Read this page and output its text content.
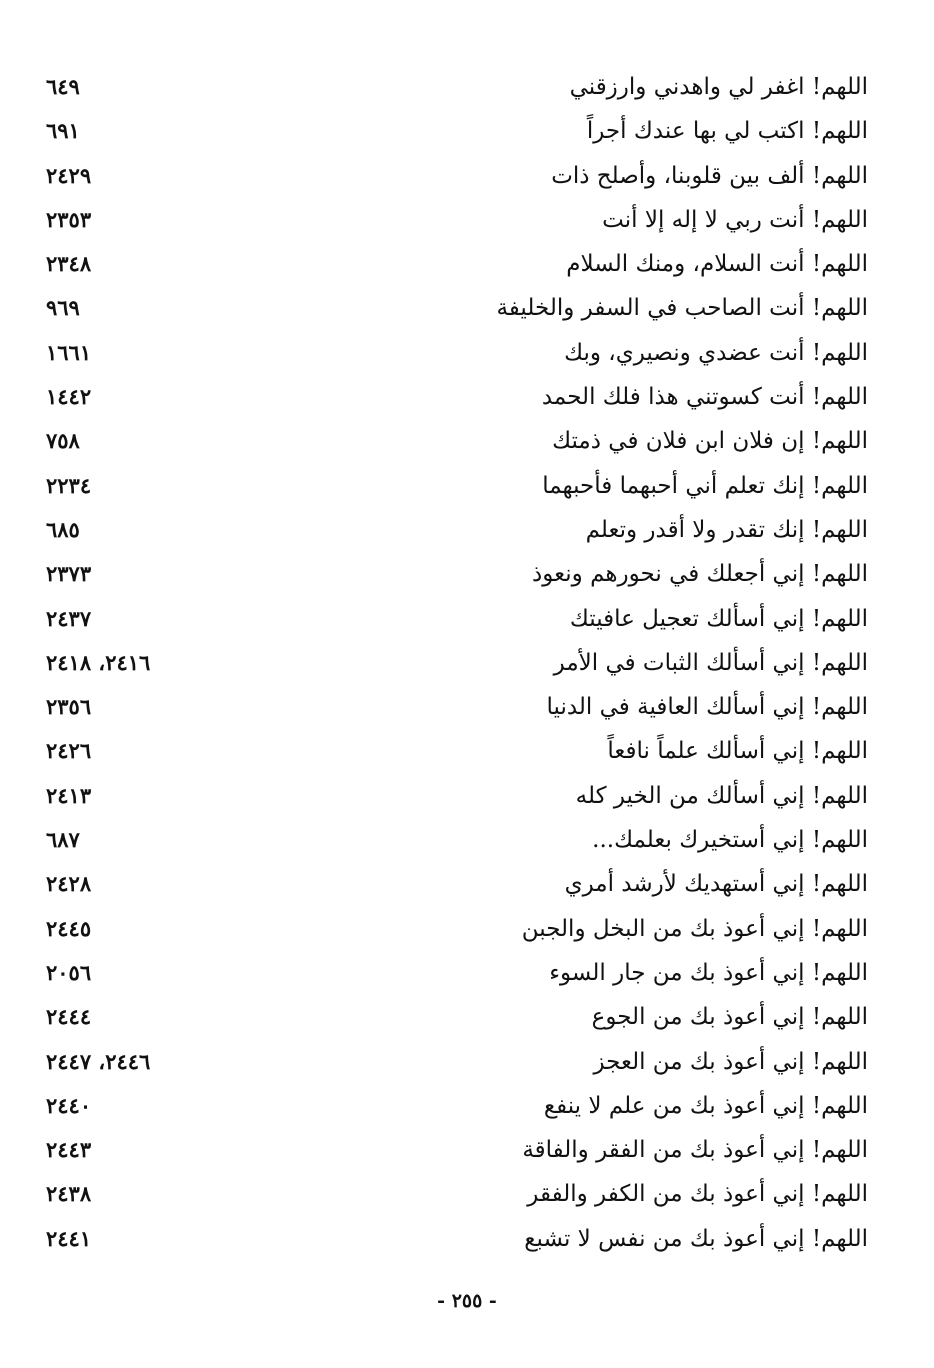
اللهم! اغفر لي واهدني وارزقني
٦٤٩
اللهم! اكتب لي بها عندك أجراً
٦٩١
اللهم! ألف بين قلوبنا، وأصلح ذات
٢٤٢٩
اللهم! أنت ربي لا إله إلا أنت
٢٣٥٣
اللهم! أنت السلام، ومنك السلام
٢٣٤٨
اللهم! أنت الصاحب في السفر والخليفة
٩٦٩
اللهم! أنت عضدي ونصيري، وبك
١٦٦١
اللهم! أنت كسوتني هذا فلك الحمد
١٤٤٢
اللهم! إن فلان ابن فلان في ذمتك
٧٥٨
اللهم! إنك تعلم أني أحبهما فأحبهما
٢٢٣٤
اللهم! إنك تقدر ولا أقدر وتعلم
٦٨٥
اللهم! إني أجعلك في نحورهم ونعوذ
٢٣٧٣
اللهم! إني أسألك تعجيل عافيتك
٢٤٣٧
اللهم! إني أسألك الثبات في الأمر
٢٤١٦، ٢٤١٨
اللهم! إني أسألك العافية في الدنيا
٢٣٥٦
اللهم! إني أسألك علماً نافعاً
٢٤٢٦
اللهم! إني أسألك من الخير كله
٢٤١٣
اللهم! إني أستخيرك بعلمك...
٦٨٧
اللهم! إني أستهديك لأرشد أمري
٢٤٢٨
اللهم! إني أعوذ بك من البخل والجبن
٢٤٤٥
اللهم! إني أعوذ بك من جار السوء
٢٠٥٦
اللهم! إني أعوذ بك من الجوع
٢٤٤٤
اللهم! إني أعوذ بك من العجز
٢٤٤٦، ٢٤٤٧
اللهم! إني أعوذ بك من علم لا ينفع
٢٤٤٠
اللهم! إني أعوذ بك من الفقر والفاقة
٢٤٤٣
اللهم! إني أعوذ بك من الكفر والفقر
٢٤٣٨
اللهم! إني أعوذ بك من نفس لا تشبع
٢٤٤١
- ٢٥٥ -
